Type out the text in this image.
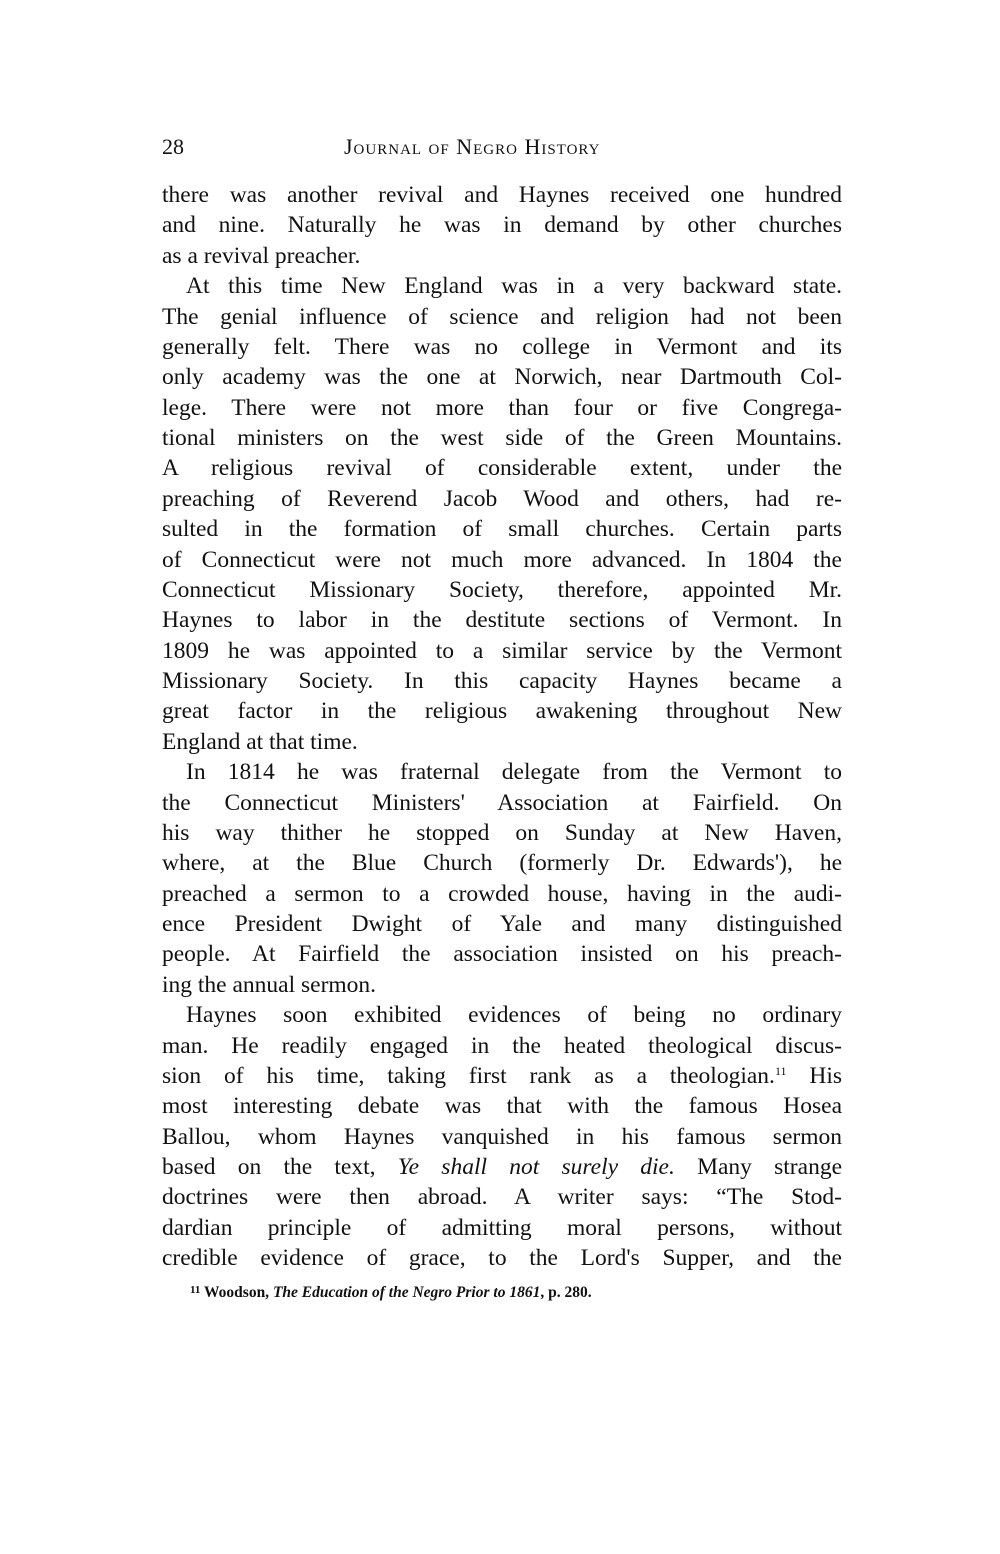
28	Journal of Negro History
there was another revival and Haynes received one hundred
and nine. Naturally he was in demand by other churches
as a revival preacher.
At this time New England was in a very backward state.
The genial influence of science and religion had not been
generally felt. There was no college in Vermont and its
only academy was the one at Norwich, near Dartmouth Col-
lege. There were not more than four or five Congrega-
tional ministers on the west side of the Green Mountains.
A religious revival of considerable extent, under the
preaching of Reverend Jacob Wood and others, had re-
sulted in the formation of small churches. Certain parts
of Connecticut were not much more advanced. In 1804 the
Connecticut Missionary Society, therefore, appointed Mr.
Haynes to labor in the destitute sections of Vermont. In
1809 he was appointed to a similar service by the Vermont
Missionary Society. In this capacity Haynes became a
great factor in the religious awakening throughout New
England at that time.
In 1814 he was fraternal delegate from the Vermont to
the Connecticut Ministers' Association at Fairfield. On
his way thither he stopped on Sunday at New Haven,
where, at the Blue Church (formerly Dr. Edwards'), he
preached a sermon to a crowded house, having in the audi-
ence President Dwight of Yale and many distinguished
people. At Fairfield the association insisted on his preach-
ing the annual sermon.
Haynes soon exhibited evidences of being no ordinary
man. He readily engaged in the heated theological discus-
sion of his time, taking first rank as a theologian.$^{11}$ His
most interesting debate was that with the famous Hosea
Ballou, whom Haynes vanquished in his famous sermon
based on the text, Ye shall not surely die. Many strange
doctrines were then abroad. A writer says: “The Stod-
dardian principle of admitting moral persons, without
credible evidence of grace, to the Lord's Supper, and the
$^{11}$ Woodson, The Education of the Negro Prior to 1861, p. 280.
